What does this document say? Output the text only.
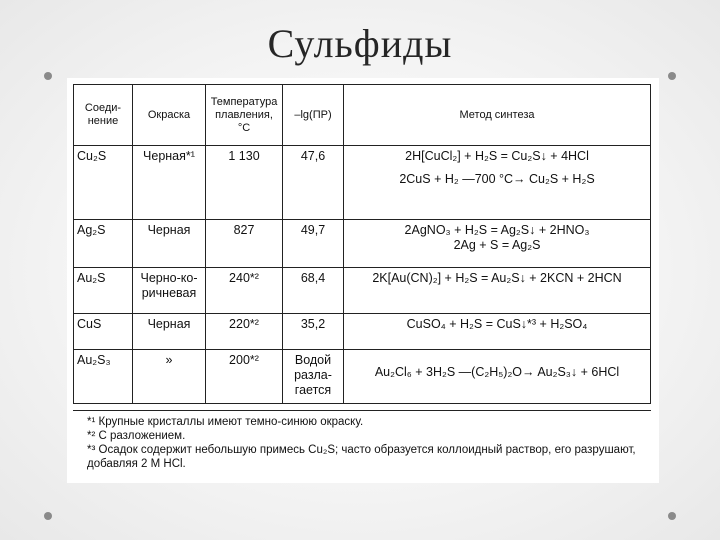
Сульфиды
Соеди- нение	Окраска	Температура плавления, °С	–lg(ПР)	Метод синтеза
Cu₂S	Черная*¹	1 130	47,6	2H[CuCl₂] + H₂S = Cu₂S↓ + 4HCl
2CuS + H₂ —700 °C→ Cu₂S + H₂S

Ag₂S	Черная	827	49,7	2AgNO₃ + H₂S = Ag₂S↓ + 2HNO₃
2Ag + S = Ag₂S

Au₂S	Черно-ко- ричневая	240*²	68,4	2K[Au(CN)₂] + H₂S = Au₂S↓ + 2KCN + 2HCN

CuS	Черная	220*²	35,2	CuSO₄ + H₂S = CuS↓*³ + H₂SO₄

Au₂S₃	»	200*²	Водой разла- гается	Au₂Cl₆ + 3H₂S —(C₂H₅)₂O→ Au₂S₃↓ + 6HCl
*¹ Крупные кристаллы имеют темно-синюю окраску.
*² С разложением.
*³ Осадок содержит небольшую примесь Cu₂S; часто образуется коллоидный раствор, его разрушают, добавляя 2 М HCl.
